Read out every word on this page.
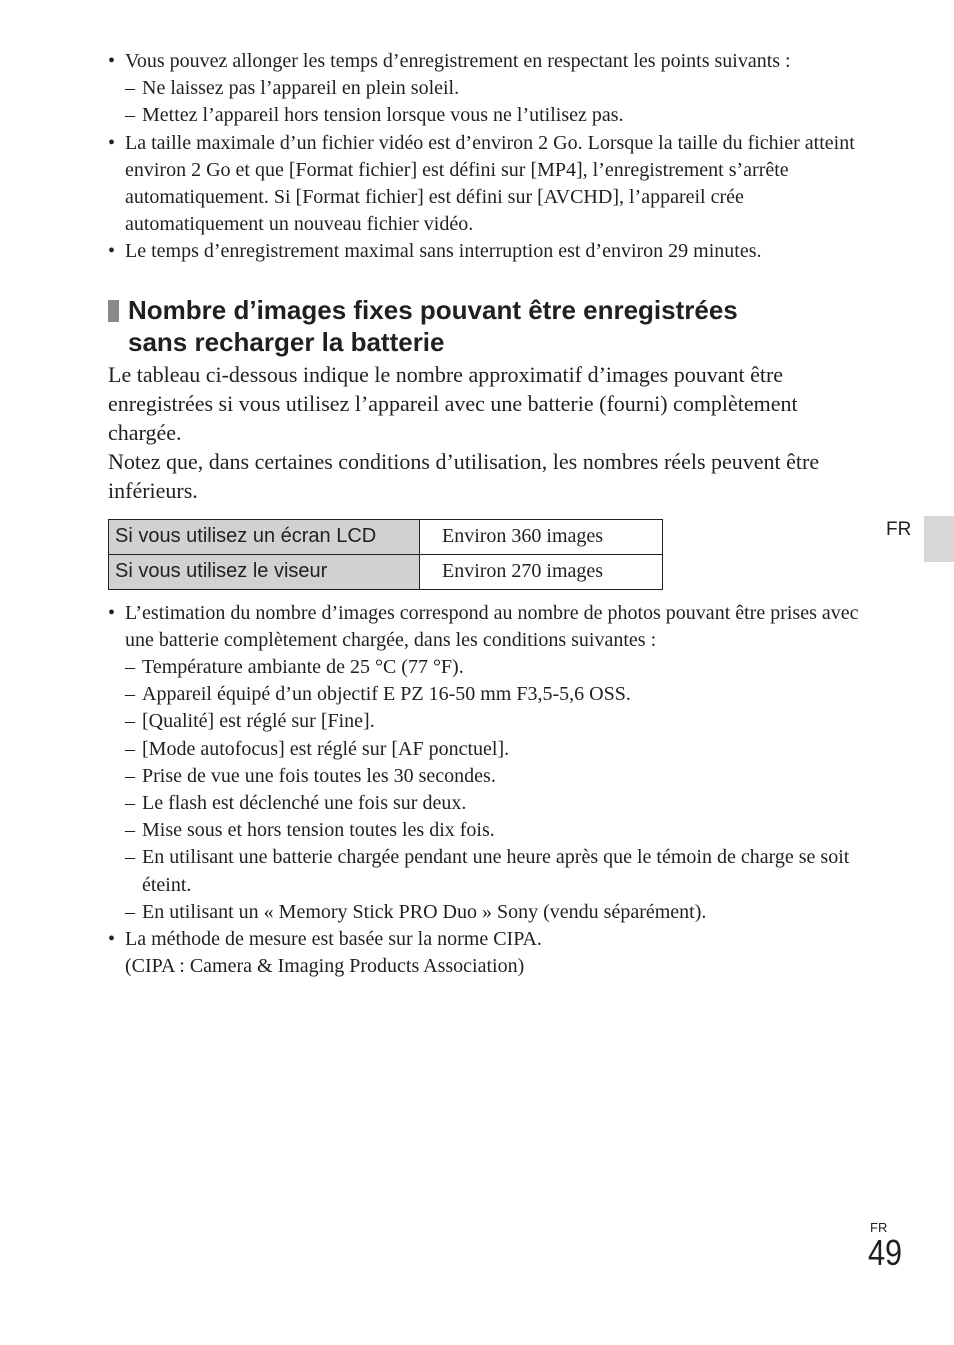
• Vous pouvez allonger les temps d’enregistrement en respectant les points suivants :
– Ne laissez pas l’appareil en plein soleil.
– Mettez l’appareil hors tension lorsque vous ne l’utilisez pas.
• La taille maximale d’un fichier vidéo est d’environ 2 Go. Lorsque la taille du fichier atteint environ 2 Go et que [Format fichier] est défini sur [MP4], l’enregistrement s’arrête automatiquement. Si [Format fichier] est défini sur [AVCHD], l’appareil crée automatiquement un nouveau fichier vidéo.
• Le temps d’enregistrement maximal sans interruption est d’environ 29 minutes.
Nombre d’images fixes pouvant être enregistrées
sans recharger la batterie
Le tableau ci-dessous indique le nombre approximatif d’images pouvant être enregistrées si vous utilisez l’appareil avec une batterie (fourni) complètement chargée.
Notez que, dans certaines conditions d’utilisation, les nombres réels peuvent être inférieurs.
Si vous utilisez un écran LCD	Environ 360 images
Si vous utilisez le viseur	Environ 270 images
• L’estimation du nombre d’images correspond au nombre de photos pouvant être prises avec une batterie complètement chargée, dans les conditions suivantes :
– Température ambiante de 25 °C (77 °F).
– Appareil équipé d’un objectif E PZ 16-50 mm F3,5-5,6 OSS.
– [Qualité] est réglé sur [Fine].
– [Mode autofocus] est réglé sur [AF ponctuel].
– Prise de vue une fois toutes les 30 secondes.
– Le flash est déclenché une fois sur deux.
– Mise sous et hors tension toutes les dix fois.
– En utilisant une batterie chargée pendant une heure après que le témoin de charge se soit éteint.
– En utilisant un « Memory Stick PRO Duo » Sony (vendu séparément).
• La méthode de mesure est basée sur la norme CIPA.
(CIPA : Camera & Imaging Products Association)
FR
FR
49
